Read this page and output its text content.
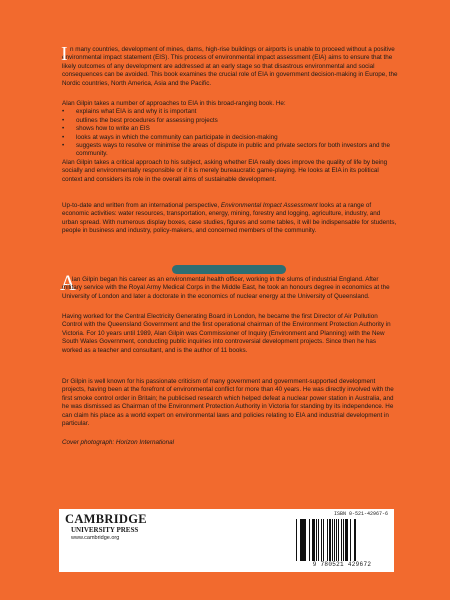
I n many countries, development of mines, dams, high-rise buildings or airports is unable to proceed without a positive environmental impact statement (EIS). This process of environmental impact assessment (EIA) aims to ensure that the likely outcomes of any development are addressed at an early stage so that disastrous environmental and social consequences can be avoided. This book examines the crucial role of EIA in government decision-making in Europe, the Nordic countries, North America, Asia and the Pacific.

Alan Gilpin takes a number of approaches to EIA in this broad-ranging book. He:

• explains what EIA is and why it is important
• outlines the best procedures for assessing projects
• shows how to write an EIS
• looks at ways in which the community can participate in decision-making
• suggests ways to resolve or minimise the areas of dispute in public and private sectors for both investors and the community.

Alan Gilpin takes a critical approach to his subject, asking whether EIA really does improve the quality of life by being socially and environmentally responsible or if it is merely bureaucratic game-playing. He looks at EIA in its political context and considers its role in the overall aims of sustainable development.

Up-to-date and written from an international perspective, Environmental Impact Assessment looks at a range of economic activities: water resources, transportation, energy, mining, forestry and logging, agriculture, industry, and urban spread. With numerous display boxes, case studies, figures and some tables, it will be indispensable for students, people in business and industry, policy-makers, and concerned members of the community.

A

lan Gilpin began his career as an environmental health officer, working in the slums of industrial England. After military service with the Royal Army Medical Corps in the Middle East, he took an honours degree in economics at the University of London and later a doctorate in the economics of nuclear energy at the University of Queensland.

Having worked for the Central Electricity Generating Board in London, he became the first Director of Air Pollution Control with the Queensland Government and the first operational chairman of the Environment Protection Authority in Victoria. For 10 years until 1989, Alan Gilpin was Commissioner of Inquiry (Environment and Planning) with the New South Wales Government, conducting public inquiries into controversial development projects. Since then he has worked as a teacher and consultant, and is the author of 11 books.

Dr Gilpin is well known for his passionate criticism of many government and government-supported development projects, having been at the forefront of environmental conflict for more than 40 years. He was directly involved with the first smoke control order in Britain; he publicised research which helped defeat a nuclear power station in Australia, and he was dismissed as Chairman of the Environment Protection Authority in Victoria for standing by its independence. He can claim his place as a world expert on environmental laws and policies relating to EIA and industrial development in particular.

Cover photograph: Horizon International
CAMBRIDGE
UNIVERSITY PRESS
www.cambridge.org
ISBN 0-521-42967-6
9 780521 429672
